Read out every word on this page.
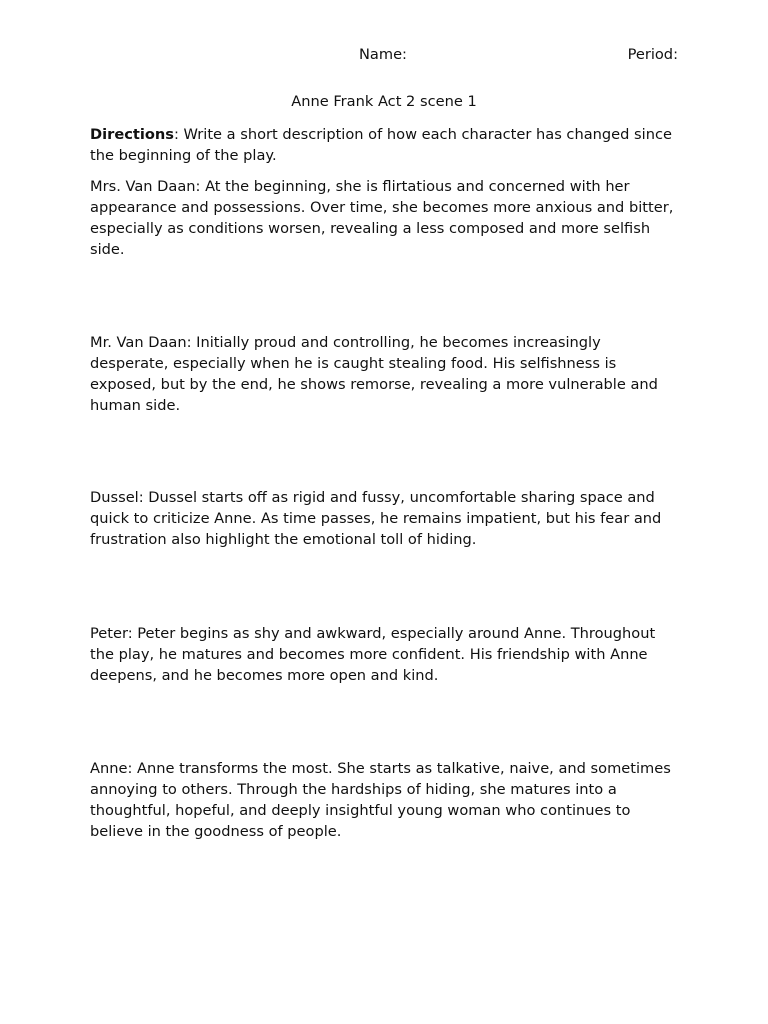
Name:	Period:
Anne Frank Act 2 scene 1

Directions: Write a short description of how each character has changed since the beginning of the play.

Mrs. Van Daan: At the beginning, she is flirtatious and concerned with her appearance and possessions. Over time, she becomes more anxious and bitter, especially as conditions worsen, revealing a less composed and more selfish side.

Mr. Van Daan: Initially proud and controlling, he becomes increasingly desperate, especially when he is caught stealing food. His selfishness is exposed, but by the end, he shows remorse, revealing a more vulnerable and human side.

Dussel: Dussel starts off as rigid and fussy, uncomfortable sharing space and quick to criticize Anne. As time passes, he remains impatient, but his fear and frustration also highlight the emotional toll of hiding.

Peter: Peter begins as shy and awkward, especially around Anne. Throughout the play, he matures and becomes more confident. His friendship with Anne deepens, and he becomes more open and kind.

Anne: Anne transforms the most. She starts as talkative, naive, and sometimes annoying to others. Through the hardships of hiding, she matures into a thoughtful, hopeful, and deeply insightful young woman who continues to believe in the goodness of people.
